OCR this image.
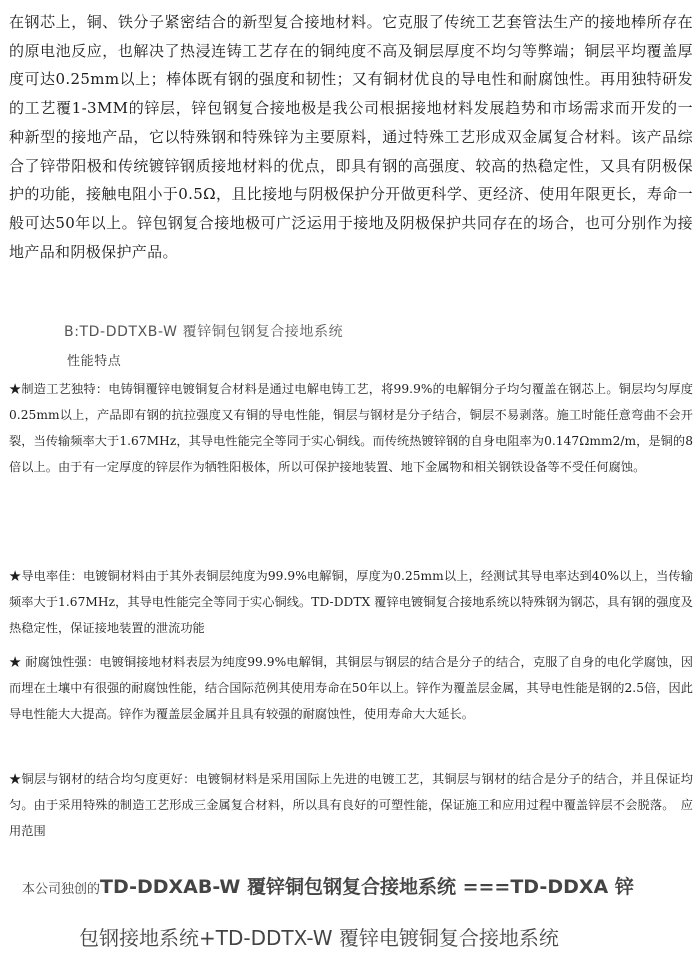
在钢芯上，铜、铁分子紧密结合的新型复合接地材料。它克服了传统工艺套管法生产的接地棒所存在的原电池反应，也解决了热浸连铸工艺存在的铜纯度不高及铜层厚度不均匀等弊端；铜层平均覆盖厚度可达0.25mm以上；棒体既有钢的强度和韧性；又有铜材优良的导电性和耐腐蚀性。再用独特研发的工艺覆1-3MM的锌层，锌包钢复合接地极是我公司根据接地材料发展趋势和市场需求而开发的一种新型的接地产品，它以特殊钢和特殊锌为主要原料，通过特殊工艺形成双金属复合材料。该产品综合了锌带阳极和传统镀锌钢质接地材料的优点，即具有钢的高强度、较高的热稳定性，又具有阴极保护的功能，接触电阻小于0.5Ω，且比接地与阴极保护分开做更科学、更经济、使用年限更长，寿命一般可达50年以上。锌包钢复合接地极可广泛运用于接地及阴极保护共同存在的场合，也可分别作为接地产品和阴极保护产品。

B:TD-DDTXB-W 覆锌铜包钢复合接地系统

性能特点

★制造工艺独特：电铸铜覆锌电镀铜复合材料是通过电解电铸工艺，将99.9%的电解铜分子均匀覆盖在钢芯上。铜层均匀厚度0.25mm以上，产品即有钢的抗拉强度又有铜的导电性能，铜层与钢材是分子结合，铜层不易剥落。施工时能任意弯曲不会开裂，当传输频率大于1.67MHz，其导电性能完全等同于实心铜线。而传统热镀锌钢的自身电阻率为0.147Ωmm2/m，是铜的8倍以上。由于有一定厚度的锌层作为牺牲阳极体，所以可保护接地装置、地下金属物和相关钢铁设备等不受任何腐蚀。

★导电率佳：电镀铜材料由于其外表铜层纯度为99.9%电解铜，厚度为0.25mm以上，经测试其导电率达到40%以上，当传输频率大于1.67MHz，其导电性能完全等同于实心铜线。TD-DDTX 覆锌电镀铜复合接地系统以特殊钢为钢芯，具有钢的强度及热稳定性，保证接地装置的泄流功能

★ 耐腐蚀性强：电镀铜接地材料表层为纯度99.9%电解铜，其铜层与钢层的结合是分子的结合，克服了自身的电化学腐蚀，因而埋在土壤中有很强的耐腐蚀性能，结合国际范例其使用寿命在50年以上。锌作为覆盖层金属，其导电性能是钢的2.5倍，因此导电性能大大提高。锌作为覆盖层金属并且具有较强的耐腐蚀性，使用寿命大大延长。

★铜层与钢材的结合均匀度更好：电镀铜材料是采用国际上先进的电镀工艺，其铜层与钢材的结合是分子的结合，并且保证均匀。由于采用特殊的制造工艺形成三金属复合材料，所以具有良好的可塑性能，保证施工和应用过程中覆盖锌层不会脱落。　应用范围

本公司独创的TD-DDXAB-W 覆锌铜包钢复合接地系统 ===TD-DDXA 锌

包钢接地系统+TD-DDTX-W 覆锌电镀铜复合接地系统
